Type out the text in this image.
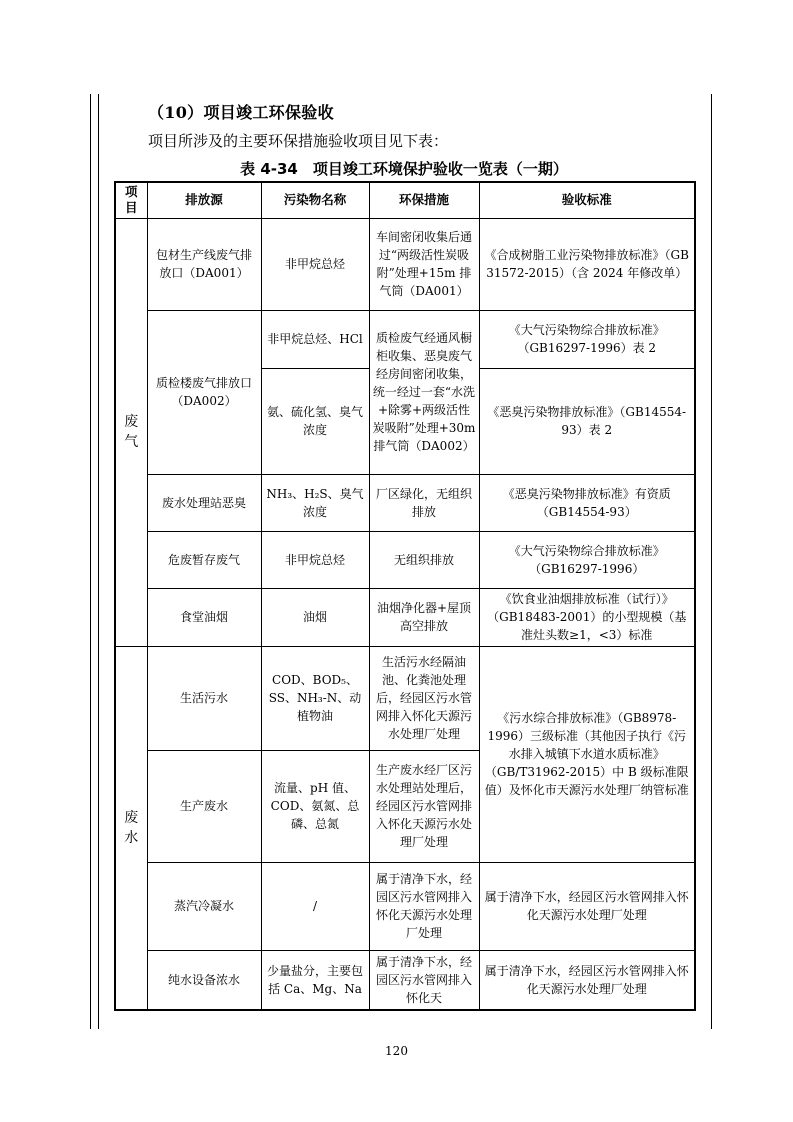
（10）项目竣工环保验收
项目所涉及的主要环保措施验收项目见下表：
表 4-34　项目竣工环境保护验收一览表（一期）
项目	排放源	污染物名称	环保措施	验收标准
废气	包材生产线废气排放口（DA001）	非甲烷总烃	车间密闭收集后通过“两级活性炭吸附”处理+15m 排气筒（DA001）	《合成树脂工业污染物排放标准》（GB 31572-2015）（含 2024 年修改单）
	质检楼废气排放口（DA002）	非甲烷总烃、HCl	质检废气经通风橱柜收集、恶臭废气经房间密闭收集，统一经过一套“水洗+除雾+两级活性炭吸附”处理+30m 排气筒（DA002）	《大气污染物综合排放标准》（GB16297-1996）表 2
		氨、硫化氢、臭气浓度		《恶臭污染物排放标准》（GB14554-93）表 2
	废水处理站恶臭	NH₃、H₂S、臭气浓度	厂区绿化，无组织排放	《恶臭污染物排放标准》有资质（GB14554-93）
	危废暂存废气	非甲烷总烃	无组织排放	《大气污染物综合排放标准》（GB16297-1996）
	食堂油烟	油烟	油烟净化器+屋顶高空排放	《饮食业油烟排放标准（试行）》（GB18483-2001）的小型规模（基准灶头数≥1，<3）标准
废水	生活污水	COD、BOD₅、SS、NH₃-N、动植物油	生活污水经隔油池、化粪池处理后，经园区污水管网排入怀化天源污水处理厂处理	《污水综合排放标准》（GB8978-1996）三级标准（其他因子执行《污水排入城镇下水道水质标准》（GB/T31962-2015）中 B 级标准限值）及怀化市天源污水处理厂纳管标准
	生产废水	流量、pH 值、COD、氨氮、总磷、总氮	生产废水经厂区污水处理站处理后，经园区污水管网排入怀化天源污水处理厂处理	
	蒸汽冷凝水	/	属于清净下水，经园区污水管网排入怀化天源污水处理厂处理	属于清净下水，经园区污水管网排入怀化天源污水处理厂处理
	纯水设备浓水	少量盐分，主要包括 Ca、Mg、Na	属于清净下水，经园区污水管网排入怀化天	属于清净下水，经园区污水管网排入怀化天源污水处理厂处理
120
